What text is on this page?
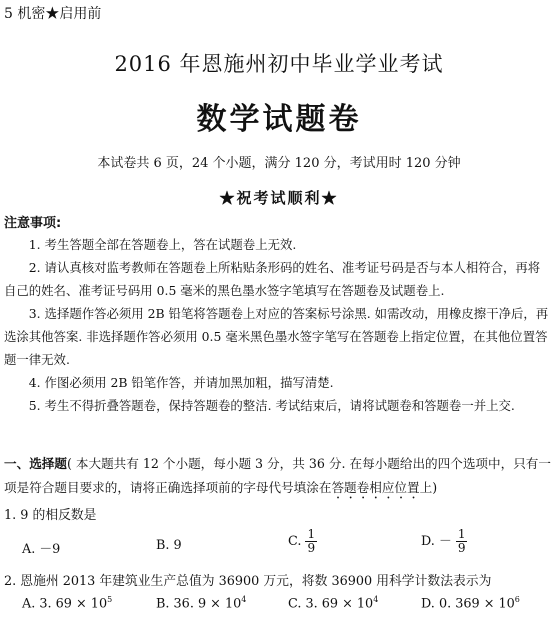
5 机密★启用前
2016 年恩施州初中毕业学业考试
数学试题卷
本试卷共 6 页，24 个小题，满分 120 分，考试用时 120 分钟
★祝考试顺利★
注意事项:

1. 考生答题全部在答题卷上，答在试题卷上无效.

2. 请认真核对监考教师在答题卷上所粘贴条形码的姓名、准考证号码是否与本人相符合，再将自己的姓名、准考证号码用 0.5 毫米的黑色墨水签字笔填写在答题卷及试题卷上.

3. 选择题作答必须用 2B 铅笔将答题卷上对应的答案标号涂黑. 如需改动，用橡皮擦干净后，再选涂其他答案. 非选择题作答必须用 0.5 毫米黑色墨水签字笔写在答题卷上指定位置，在其他位置答题一律无效.

4. 作图必须用 2B 铅笔作答，并请加黑加粗，描写清楚.

5. 考生不得折叠答题卷，保持答题卷的整洁. 考试结束后，请将试题卷和答题卷一并上交.

一、选择题( 本大题共有 12 个小题，每小题 3 分，共 36 分. 在每小题给出的四个选项中，只有一项是符合题目要求的，请将正确选择项前的字母代号填涂在答题卷相应位置上)
1. 9 的相反数是
A. －9	B. 9	C. $\frac{1}{9}$	D. － $\frac{1}{9}$
2. 恩施州 2013 年建筑业生产总值为 36900 万元，将数 36900 用科学计数法表示为
A. 3. $69 \times 10^5$	B. 36. $9 \times 10^4$	C. 3. $69 \times 10^4$	D. 0. $369 \times 10^6$
